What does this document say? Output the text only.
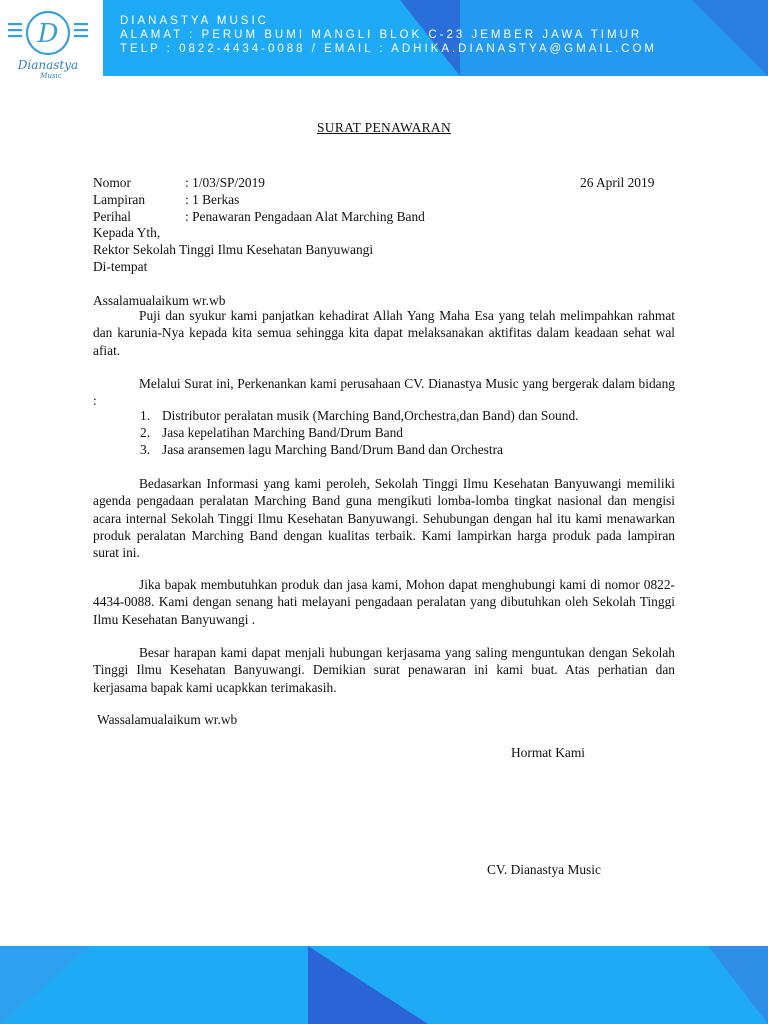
DIANASTYA MUSIC
ALAMAT : PERUM BUMI MANGLI BLOK C-23 JEMBER JAWA TIMUR
TELP : 0822-4434-0088 / EMAIL : ADHIKA.DIANASTYA@GMAIL.COM
D
Dianastya
Music
SURAT PENAWARAN
26 April 2019
Nomor	: 1/03/SP/2019
Lampiran	: 1 Berkas
Perihal	: Penawaran Pengadaan Alat Marching Band
Kepada Yth,
Rektor Sekolah Tinggi Ilmu Kesehatan Banyuwangi
Di-tempat
Assalamualaikum wr.wb
Puji dan syukur kami panjatkan kehadirat Allah Yang Maha Esa yang telah melimpahkan rahmat dan karunia-Nya kepada kita semua sehingga kita dapat melaksanakan aktifitas dalam keadaan sehat wal afiat.
Melalui Surat ini, Perkenankan kami perusahaan CV. Dianastya Music yang bergerak dalam bidang :
1. Distributor peralatan musik (Marching Band,Orchestra,dan Band) dan Sound.
2. Jasa kepelatihan Marching Band/Drum Band
3. Jasa aransemen lagu Marching Band/Drum Band dan Orchestra
Bedasarkan Informasi yang kami peroleh, Sekolah Tinggi Ilmu Kesehatan Banyuwangi memiliki agenda pengadaan peralatan Marching Band guna mengikuti lomba-lomba tingkat nasional dan mengisi acara internal Sekolah Tinggi Ilmu Kesehatan Banyuwangi. Sehubungan dengan hal itu kami menawarkan produk peralatan Marching Band dengan kualitas terbaik. Kami lampirkan harga produk pada lampiran surat ini.
Jika bapak membutuhkan produk dan jasa kami, Mohon dapat menghubungi kami di nomor 0822-4434-0088. Kami dengan senang hati melayani pengadaan peralatan yang dibutuhkan oleh Sekolah Tinggi Ilmu Kesehatan Banyuwangi .
Besar harapan kami dapat menjali hubungan kerjasama yang saling menguntukan dengan Sekolah Tinggi Ilmu Kesehatan Banyuwangi. Demikian surat penawaran ini kami buat. Atas perhatian dan kerjasama bapak kami ucapkkan terimakasih.
Wassalamualaikum wr.wb
Hormat Kami
CV. Dianastya Music
